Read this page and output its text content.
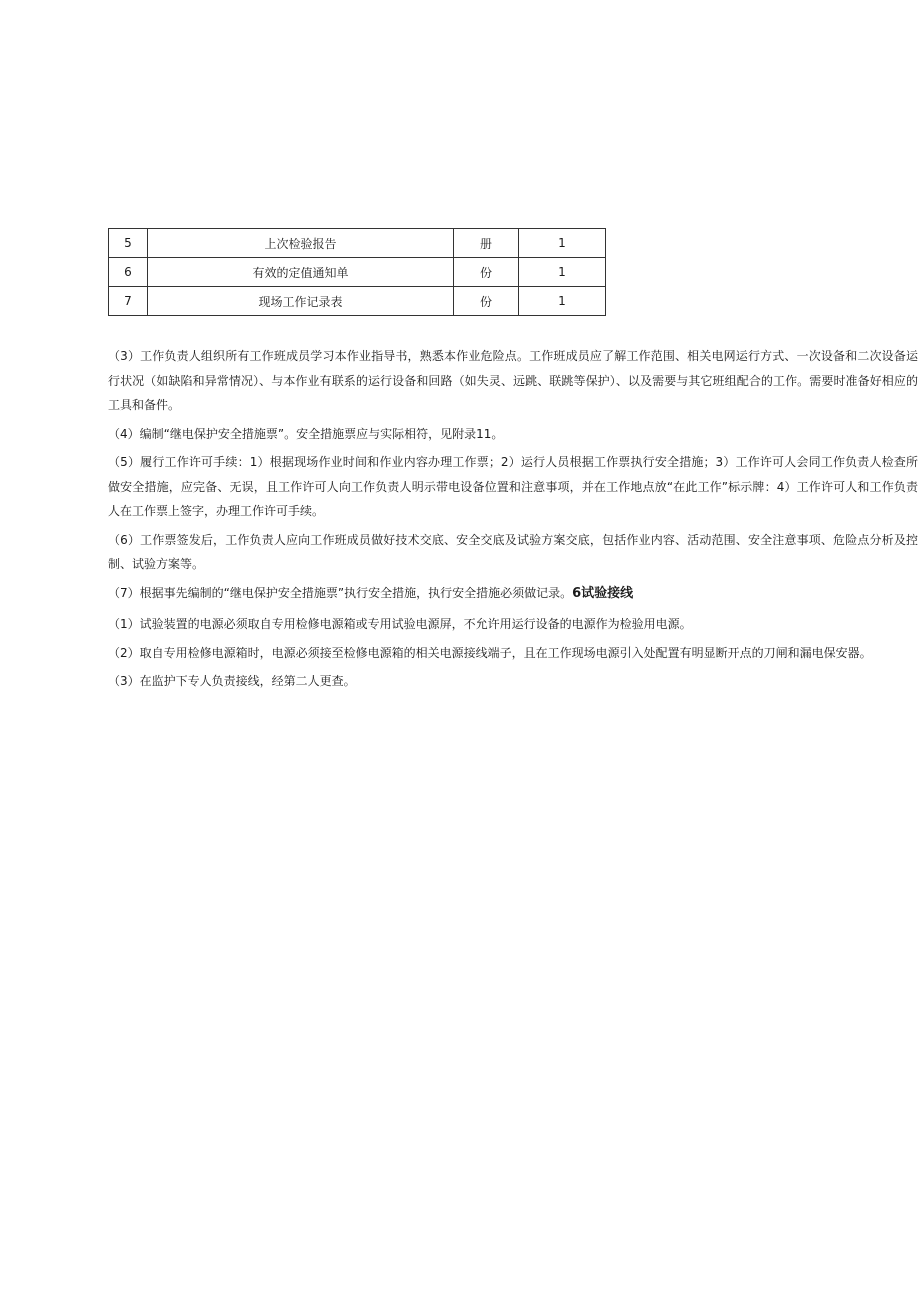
5	上次检验报告	册	1
6	有效的定值通知单	份	1
7	现场工作记录表	份	1

（3）工作负责人组织所有工作班成员学习本作业指导书，熟悉本作业危险点。工作班成员应了解工作范围、相关电网运行方式、一次设备和二次设备运行状况（如缺陷和异常情况）、与本作业有联系的运行设备和回路（如失灵、远跳、联跳等保护）、以及需要与其它班组配合的工作。需要时准备好相应的工具和备件。

（4）编制“继电保护安全措施票”。安全措施票应与实际相符，见附录11。

（5）履行工作许可手续：1）根据现场作业时间和作业内容办理工作票；2）运行人员根据工作票执行安全措施；3）工作许可人会同工作负责人检查所做安全措施，应完备、无误，且工作许可人向工作负责人明示带电设备位置和注意事项，并在工作地点放“在此工作”标示牌：4）工作许可人和工作负责人在工作票上签字，办理工作许可手续。

（6）工作票签发后，工作负责人应向工作班成员做好技术交底、安全交底及试验方案交底，包括作业内容、活动范围、安全注意事项、危险点分析及控制、试验方案等。

（7）根据事先编制的“继电保护安全措施票”执行安全措施，执行安全措施必须做记录。6试验接线

（1）试验装置的电源必须取自专用检修电源箱或专用试验电源屏，不允许用运行设备的电源作为检验用电源。

（2）取自专用检修电源箱时，电源必须接至检修电源箱的相关电源接线端子，且在工作现场电源引入处配置有明显断开点的刀闸和漏电保安器。

（3）在监护下专人负责接线，经第二人更查。
